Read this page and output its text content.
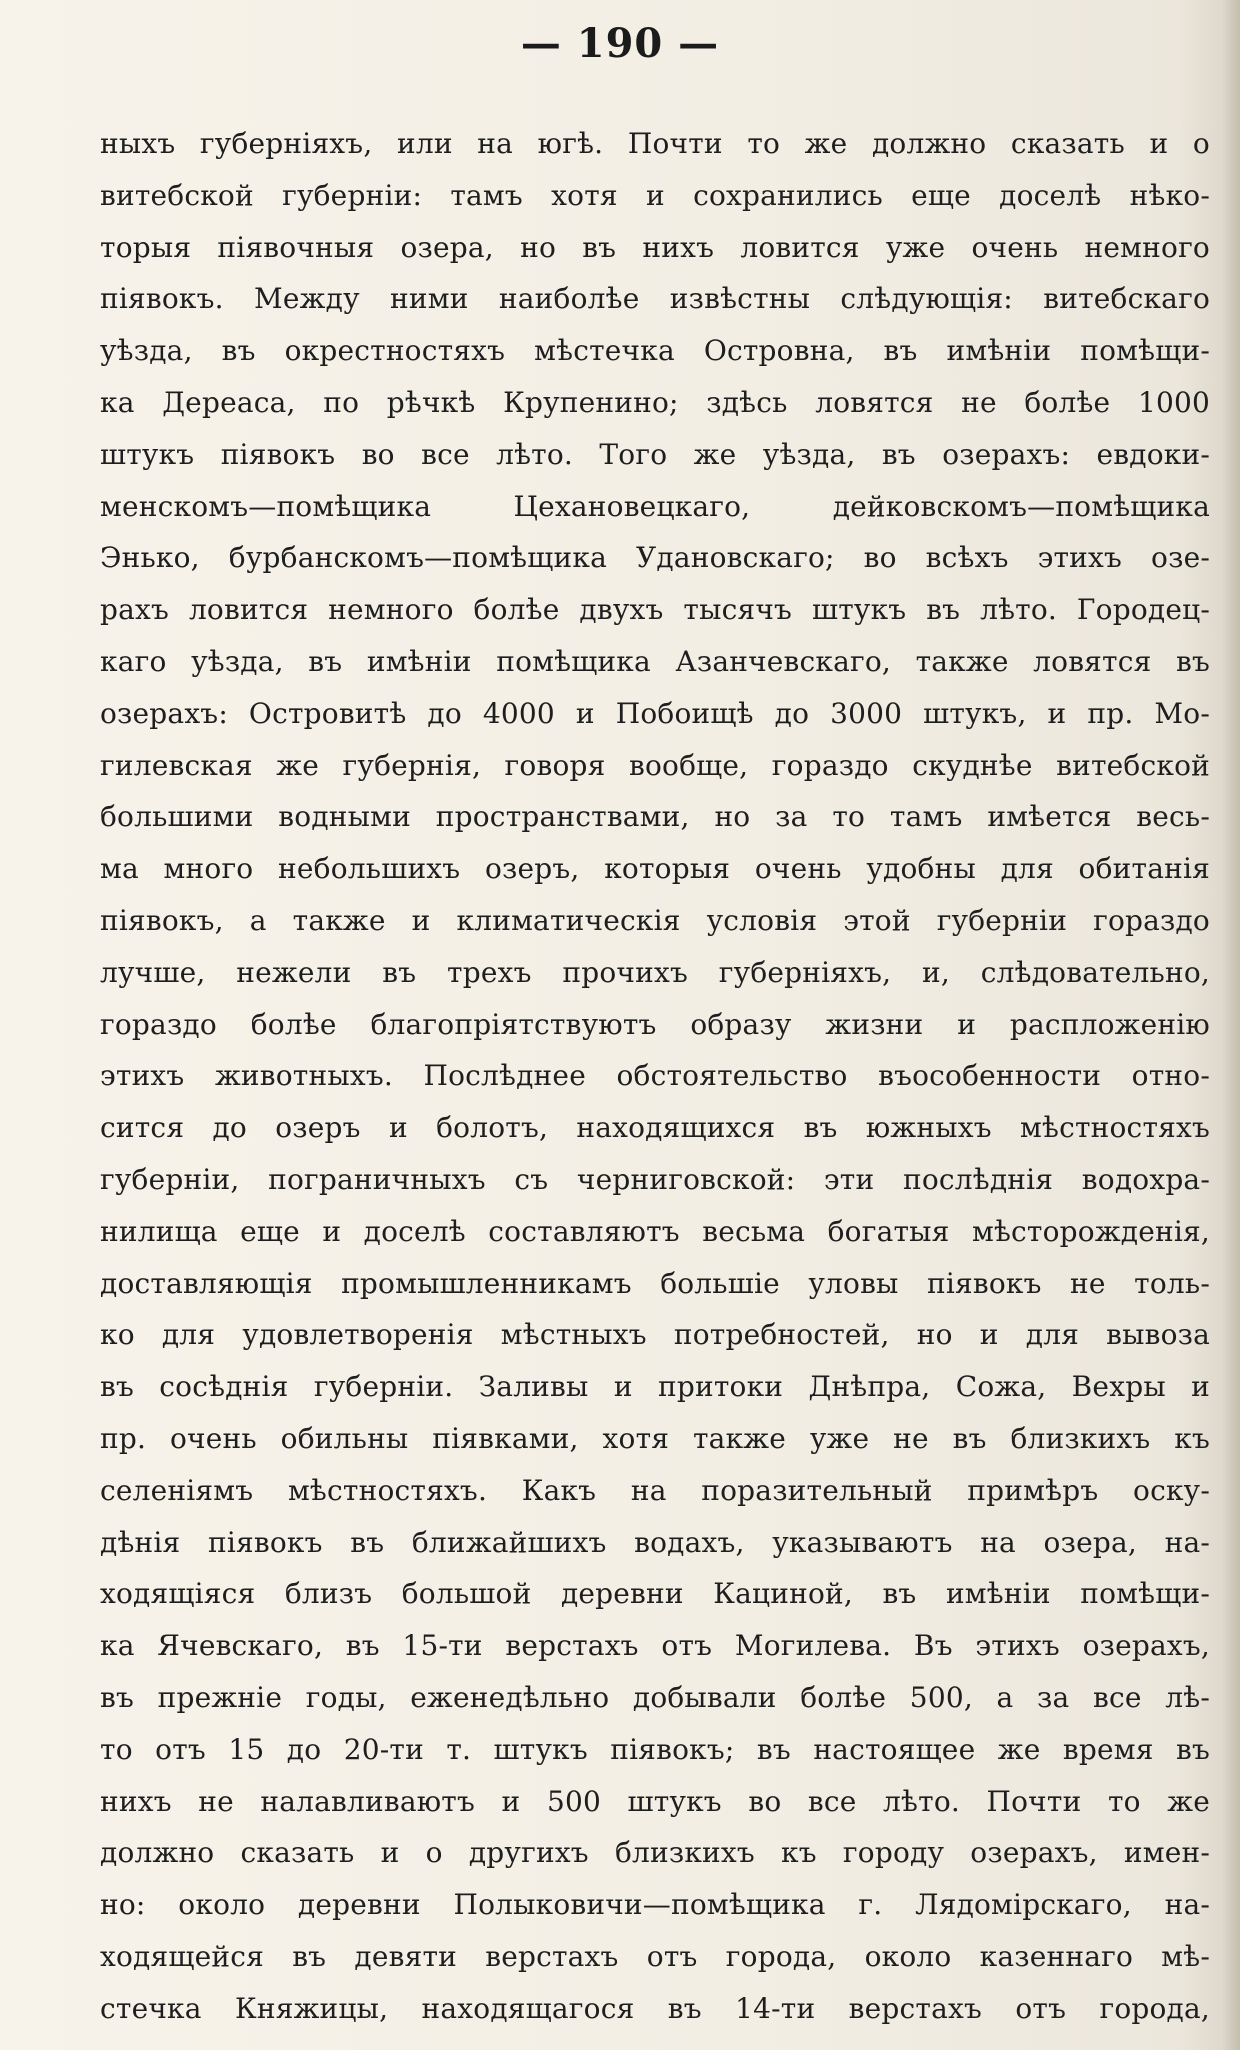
— 190 —
ныхъ губерніяхъ, или на югѣ. Почти то же должно сказать и о
витебской губерніи: тамъ хотя и сохранились еще доселѣ нѣко-
торыя піявочныя озера, но въ нихъ ловится уже очень немного
піявокъ. Между ними наиболѣе извѣстны слѣдующія: витебскаго
уѣзда, въ окрестностяхъ мѣстечка Островна, въ имѣніи помѣщи-
ка Дереаса, по рѣчкѣ Крупенино; здѣсь ловятся не болѣе 1000
штукъ піявокъ во все лѣто. Того же уѣзда, въ озерахъ: евдоки-
менскомъ—помѣщика Цехановецкаго, дейковскомъ—помѣщика
Энько, бурбанскомъ—помѣщика Удановскаго; во всѣхъ этихъ озе-
рахъ ловится немного болѣе двухъ тысячъ штукъ въ лѣто. Городец-
каго уѣзда, въ имѣніи помѣщика Азанчевскаго, также ловятся въ
озерахъ: Островитѣ до 4000 и Побоищѣ до 3000 штукъ, и пр. Мо-
гилевская же губернія, говоря вообще, гораздо скуднѣе витебской
большими водными пространствами, но за то тамъ имѣется весь-
ма много небольшихъ озеръ, которыя очень удобны для обитанія
піявокъ, а также и климатическія условія этой губерніи гораздо
лучше, нежели въ трехъ прочихъ губерніяхъ, и, слѣдовательно,
гораздо болѣе благопріятствуютъ образу жизни и распложенію
этихъ животныхъ. Послѣднее обстоятельство въособенности отно-
сится до озеръ и болотъ, находящихся въ южныхъ мѣстностяхъ
губерніи, пограничныхъ съ черниговской: эти послѣднія водохра-
нилища еще и доселѣ составляютъ весьма богатыя мѣсторожденія,
доставляющія промышленникамъ большіе уловы піявокъ не толь-
ко для удовлетворенія мѣстныхъ потребностей, но и для вывоза
въ сосѣднія губерніи. Заливы и притоки Днѣпра, Сожа, Вехры и
пр. очень обильны піявками, хотя также уже не въ близкихъ къ
селеніямъ мѣстностяхъ. Какъ на поразительный примѣръ оску-
дѣнія піявокъ въ ближайшихъ водахъ, указываютъ на озера, на-
ходящіяся близъ большой деревни Кациной, въ имѣніи помѣщи-
ка Ячевскаго, въ 15-ти верстахъ отъ Могилева. Въ этихъ озерахъ,
въ прежніе годы, еженедѣльно добывали болѣе 500, а за все лѣ-
то отъ 15 до 20-ти т. штукъ піявокъ; въ настоящее же время въ
нихъ не налавливаютъ и 500 штукъ во все лѣто. Почти то же
должно сказать и о другихъ близкихъ къ городу озерахъ, имен-
но: около деревни Полыковичи—помѣщика г. Лядомірскаго, на-
ходящейся въ девяти верстахъ отъ города, около казеннаго мѣ-
стечка Княжицы, находящагося въ 14-ти верстахъ отъ города,
